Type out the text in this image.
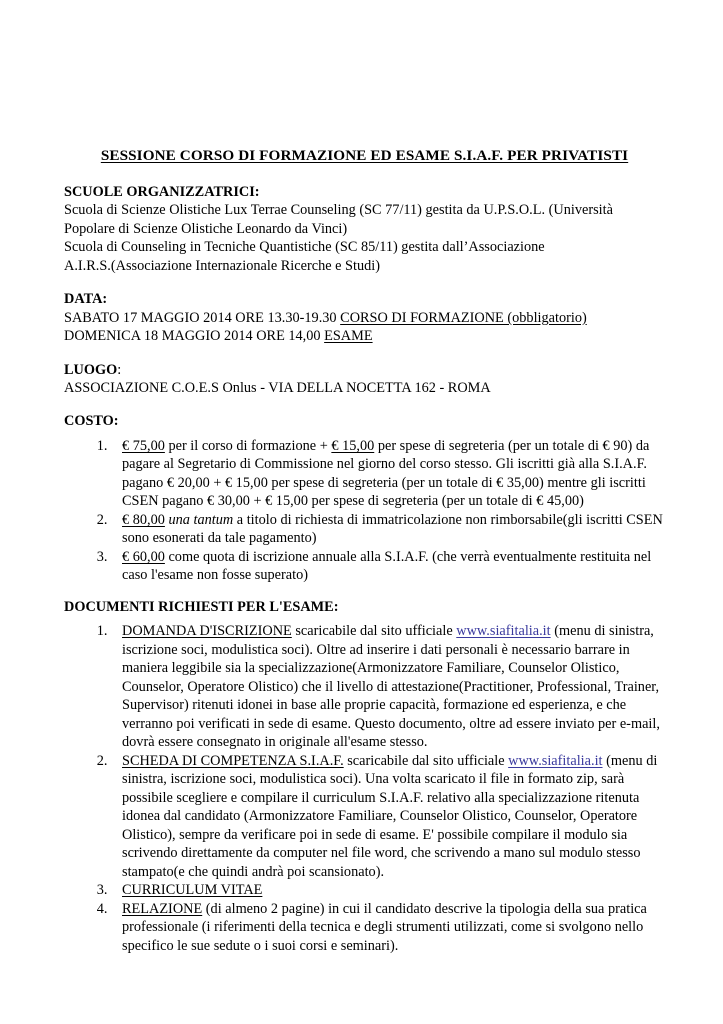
SESSIONE CORSO DI FORMAZIONE ED ESAME S.I.A.F. PER PRIVATISTI
SCUOLE ORGANIZZATRICI:
Scuola di Scienze Olistiche Lux Terrae Counseling (SC 77/11) gestita da U.P.S.O.L. (Università
Popolare di Scienze Olistiche Leonardo da Vinci)
Scuola di Counseling in Tecniche Quantistiche (SC 85/11) gestita dall’Associazione
A.I.R.S.(Associazione Internazionale Ricerche e Studi)
DATA:
SABATO 17 MAGGIO 2014 ORE 13.30-19.30 CORSO DI FORMAZIONE (obbligatorio)
DOMENICA 18 MAGGIO 2014 ORE 14,00 ESAME
LUOGO:
ASSOCIAZIONE C.O.E.S Onlus - VIA DELLA NOCETTA 162 - ROMA
COSTO:
1. € 75,00 per il corso di formazione + € 15,00 per spese di segreteria (per un totale di € 90) da pagare al Segretario di Commissione nel giorno del corso stesso. Gli iscritti già alla S.I.A.F. pagano € 20,00 + € 15,00 per spese di segreteria (per un totale di € 35,00) mentre gli iscritti CSEN pagano € 30,00 + € 15,00 per spese di segreteria (per un totale di € 45,00)
2. € 80,00 una tantum a titolo di richiesta di immatricolazione non rimborsabile(gli iscritti CSEN sono esonerati da tale pagamento)
3. € 60,00 come quota di iscrizione annuale alla S.I.A.F. (che verrà eventualmente restituita nel caso l'esame non fosse superato)
DOCUMENTI RICHIESTI PER L'ESAME:
1. DOMANDA D'ISCRIZIONE scaricabile dal sito ufficiale www.siafitalia.it (menu di sinistra, iscrizione soci, modulistica soci). Oltre ad inserire i dati personali è necessario barrare in maniera leggibile sia la specializzazione(Armonizzatore Familiare, Counselor Olistico, Counselor, Operatore Olistico) che il livello di attestazione(Practitioner, Professional, Trainer, Supervisor) ritenuti idonei in base alle proprie capacità, formazione ed esperienza, e che verranno poi verificati in sede di esame. Questo documento, oltre ad essere inviato per e-mail, dovrà essere consegnato in originale all'esame stesso.
2. SCHEDA DI COMPETENZA S.I.A.F. scaricabile dal sito ufficiale www.siafitalia.it (menu di sinistra, iscrizione soci, modulistica soci). Una volta scaricato il file in formato zip, sarà possibile scegliere e compilare il curriculum S.I.A.F. relativo alla specializzazione ritenuta idonea dal candidato (Armonizzatore Familiare, Counselor Olistico, Counselor, Operatore Olistico), sempre da verificare poi in sede di esame. E' possibile compilare il modulo sia scrivendo direttamente da computer nel file word, che scrivendo a mano sul modulo stesso stampato(e che quindi andrà poi scansionato).
3. CURRICULUM VITAE
4. RELAZIONE (di almeno 2 pagine) in cui il candidato descrive la tipologia della sua pratica professionale (i riferimenti della tecnica e degli strumenti utilizzati, come si svolgono nello specifico le sue sedute o i suoi corsi e seminari).
